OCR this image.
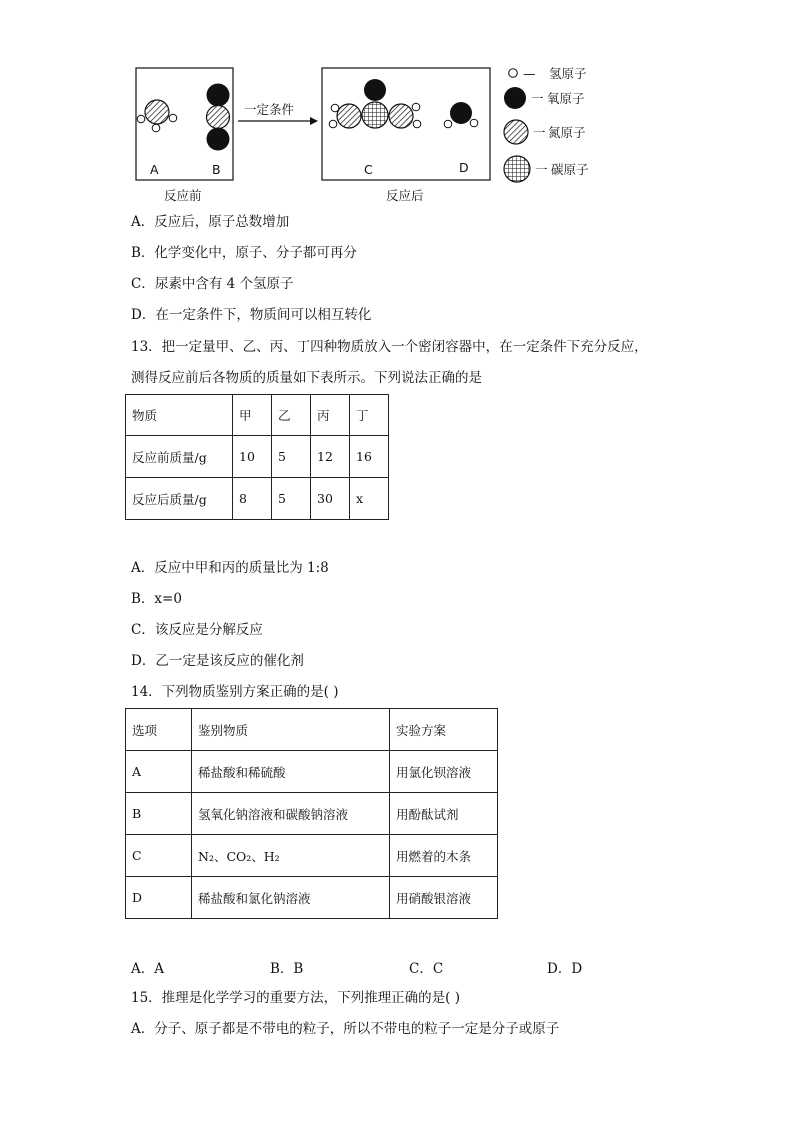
A	B
反应前
一定条件
C	D
反应后
— 氢原子
一 氧原子
一 氮原子
一 碳原子
A．反应后，原子总数增加
B．化学变化中，原子、分子都可再分
C．尿素中含有 4 个氢原子
D．在一定条件下，物质间可以相互转化
13．把一定量甲、乙、丙、丁四种物质放入一个密闭容器中，在一定条件下充分反应，
测得反应前后各物质的质量如下表所示。下列说法正确的是
物质	甲	乙	丙	丁
反应前质量/g	10	5	12	16
反应后质量/g	8	5	30	x
A．反应中甲和丙的质量比为 1:8
B．x=0
C．该反应是分解反应
D．乙一定是该反应的催化剂
14．下列物质鉴别方案正确的是( )
选项	鉴别物质	实验方案
A	稀盐酸和稀硫酸	用氯化钡溶液
B	氢氧化钠溶液和碳酸钠溶液	用酚酞试剂
C	N₂、CO₂、H₂	用燃着的木条
D	稀盐酸和氯化钠溶液	用硝酸银溶液
A．A	B．B	C．C	D．D
15．推理是化学学习的重要方法，下列推理正确的是( )
A．分子、原子都是不带电的粒子，所以不带电的粒子一定是分子或原子
